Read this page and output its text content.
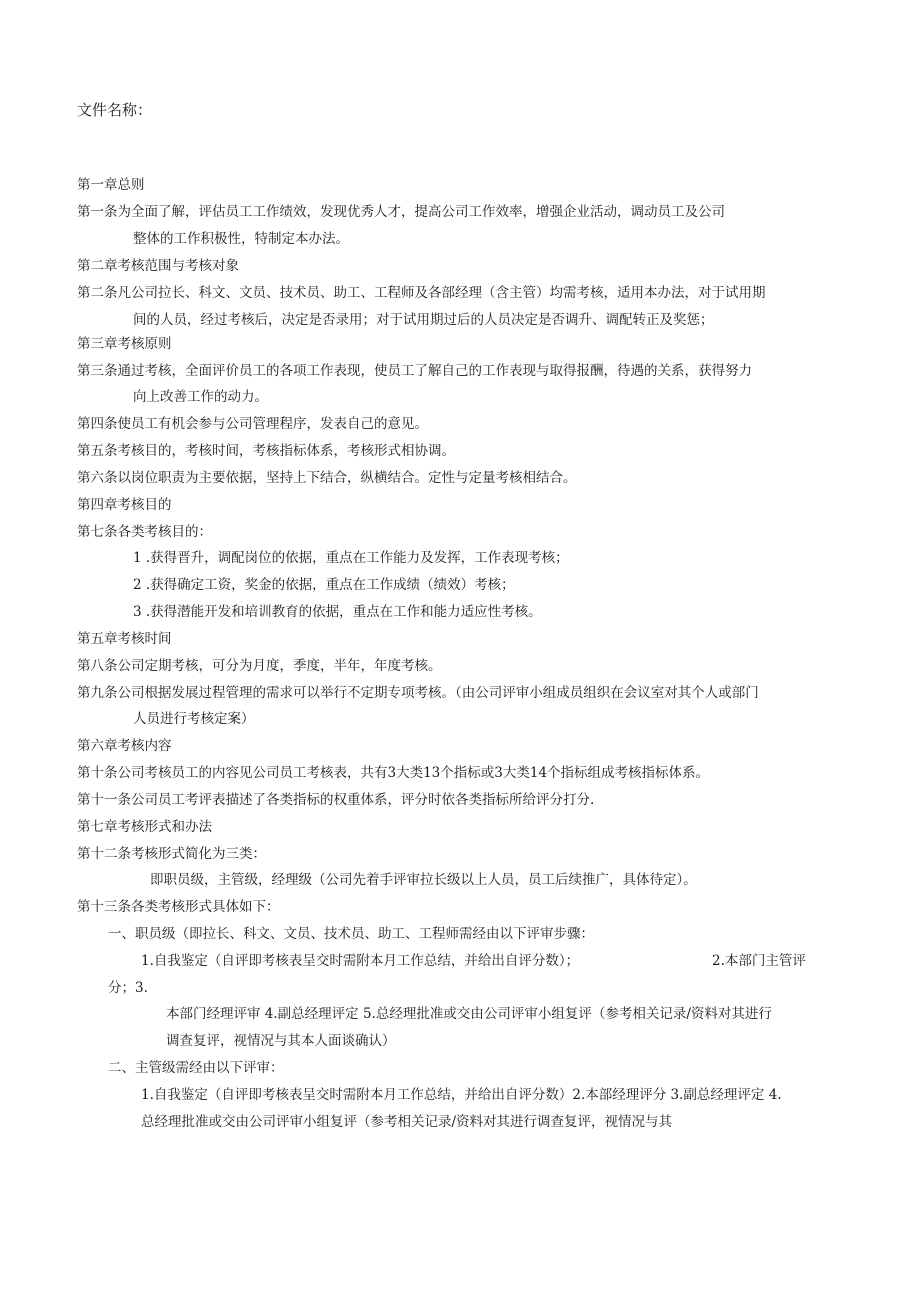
文件名称：
第一章总则
第一条为全面了解，评估员工工作绩效，发现优秀人才，提高公司工作效率，增强企业活动，调动员工及公司
整体的工作积极性，特制定本办法。
第二章考核范围与考核对象
第二条凡公司拉长、科文、文员、技术员、助工、工程师及各部经理（含主管）均需考核，适用本办法，对于试用期
间的人员，经过考核后，决定是否录用；对于试用期过后的人员决定是否调升、调配转正及奖惩；
第三章考核原则
第三条通过考核，全面评价员工的各项工作表现，使员工了解自己的工作表现与取得报酬，待遇的关系，获得努力
向上改善工作的动力。
第四条使员工有机会参与公司管理程序，发表自己的意见。
第五条考核目的，考核时间，考核指标体系，考核形式相协调。
第六条以岗位职责为主要依据，坚持上下结合，纵横结合。定性与定量考核相结合。
第四章考核目的
第七条各类考核目的：
1 .获得晋升，调配岗位的依据，重点在工作能力及发挥，工作表现考核；
2 .获得确定工资，奖金的依据，重点在工作成绩（绩效）考核；
3 .获得潜能开发和培训教育的依据，重点在工作和能力适应性考核。
第五章考核时间
第八条公司定期考核，可分为月度，季度，半年，年度考核。
第九条公司根据发展过程管理的需求可以举行不定期专项考核。（由公司评审小组成员组织在会议室对其个人或部门
人员进行考核定案）
第六章考核内容
第十条公司考核员工的内容见公司员工考核表，共有3大类13个指标或3大类14个指标组成考核指标体系。
第十一条公司员工考评表描述了各类指标的权重体系，评分时依各类指标所给评分打分.
第七章考核形式和办法
第十二条考核形式简化为三类：
即职员级，主管级，经理级（公司先着手评审拉长级以上人员，员工后续推广，具体待定）。
第十三条各类考核形式具体如下：
一、职员级（即拉长、科文、文员、技术员、助工、工程师需经由以下评审步骤：
1.自我鉴定（自评即考核表呈交时需附本月工作总结，并给出自评分数）；	2.本部门主管评
分；3.
本部门经理评审 4.副总经理评定 5.总经理批准或交由公司评审小组复评（参考相关记录/资料对其进行
调查复评，视情况与其本人面谈确认）
二、主管级需经由以下评审：
1.自我鉴定（自评即考核表呈交时需附本月工作总结，并给出自评分数）2.本部经理评分 3.副总经理评定 4.
总经理批准或交由公司评审小组复评（参考相关记录/资料对其进行调查复评，视情况与其
